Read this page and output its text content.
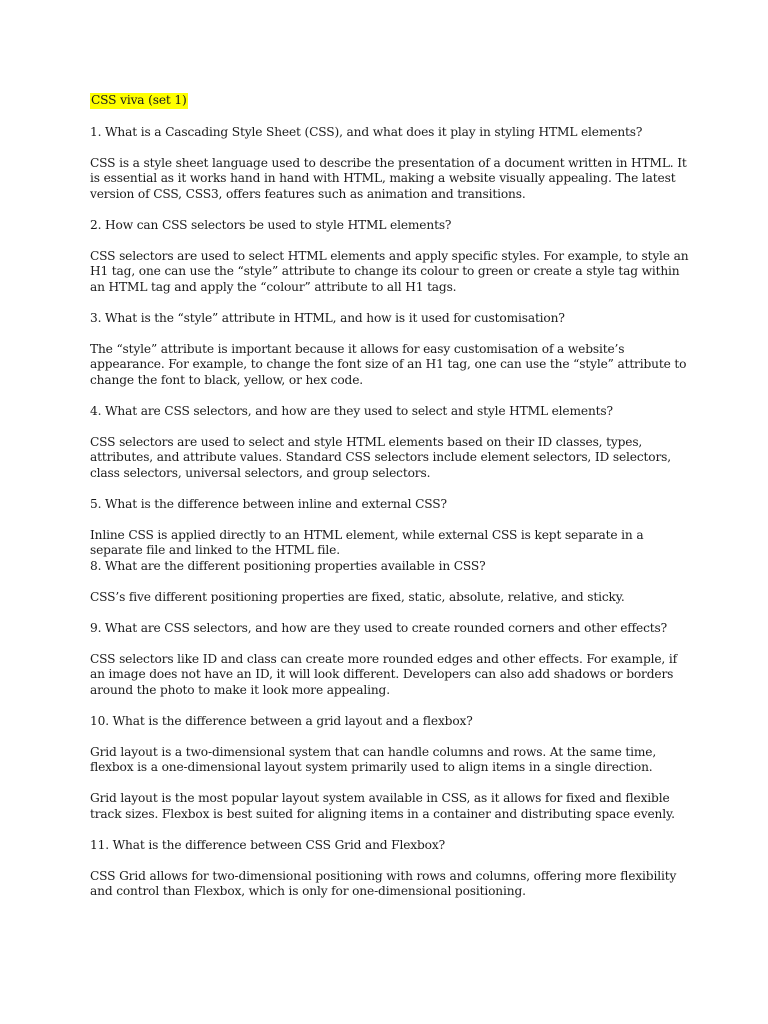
CSS viva (set 1)
1. What is a Cascading Style Sheet (CSS), and what does it play in styling HTML elements?
CSS is a style sheet language used to describe the presentation of a document written in HTML. It is essential as it works hand in hand with HTML, making a website visually appealing. The latest version of CSS, CSS3, offers features such as animation and transitions.
2. How can CSS selectors be used to style HTML elements?
CSS selectors are used to select HTML elements and apply specific styles. For example, to style an H1 tag, one can use the “style” attribute to change its colour to green or create a style tag within an HTML tag and apply the “colour” attribute to all H1 tags.
3. What is the “style” attribute in HTML, and how is it used for customisation?
The “style” attribute is important because it allows for easy customisation of a website’s appearance. For example, to change the font size of an H1 tag, one can use the “style” attribute to change the font to black, yellow, or hex code.
4. What are CSS selectors, and how are they used to select and style HTML elements?
CSS selectors are used to select and style HTML elements based on their ID classes, types, attributes, and attribute values. Standard CSS selectors include element selectors, ID selectors, class selectors, universal selectors, and group selectors.
5. What is the difference between inline and external CSS?
Inline CSS is applied directly to an HTML element, while external CSS is kept separate in a separate file and linked to the HTML file.
8. What are the different positioning properties available in CSS?
CSS’s five different positioning properties are fixed, static, absolute, relative, and sticky.
9. What are CSS selectors, and how are they used to create rounded corners and other effects?
CSS selectors like ID and class can create more rounded edges and other effects. For example, if an image does not have an ID, it will look different. Developers can also add shadows or borders around the photo to make it look more appealing.
10. What is the difference between a grid layout and a flexbox?
Grid layout is a two-dimensional system that can handle columns and rows. At the same time, flexbox is a one-dimensional layout system primarily used to align items in a single direction.
Grid layout is the most popular layout system available in CSS, as it allows for fixed and flexible track sizes. Flexbox is best suited for aligning items in a container and distributing space evenly.
11. What is the difference between CSS Grid and Flexbox?
CSS Grid allows for two-dimensional positioning with rows and columns, offering more flexibility and control than Flexbox, which is only for one-dimensional positioning.
